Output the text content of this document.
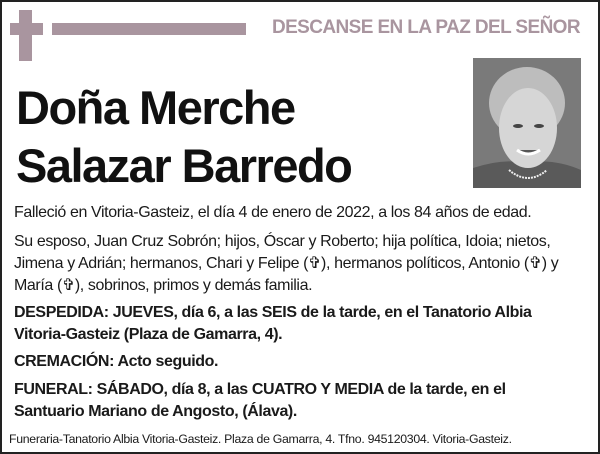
DESCANSE EN LA PAZ DEL SEÑOR
Doña Merche
Salazar Barredo
Falleció en Vitoria-Gasteiz, el día 4 de enero de 2022, a los 84 años de edad.
Su esposo, Juan Cruz Sobrón; hijos, Óscar y Roberto; hija política, Idoia; nietos,
Jimena y Adrián; hermanos, Chari y Felipe (✞), hermanos políticos, Antonio (✞) y
María (✞), sobrinos, primos y demás familia.
DESPEDIDA: JUEVES, día 6, a las SEIS de la tarde, en el Tanatorio Albia
Vitoria-Gasteiz (Plaza de Gamarra, 4).
CREMACIÓN: Acto seguido.
FUNERAL: SÁBADO, día 8, a las CUATRO Y MEDIA de la tarde, en el
Santuario Mariano de Angosto, (Álava).
Funeraria-Tanatorio Albia Vitoria-Gasteiz. Plaza de Gamarra, 4. Tfno. 945120304. Vitoria-Gasteiz.
